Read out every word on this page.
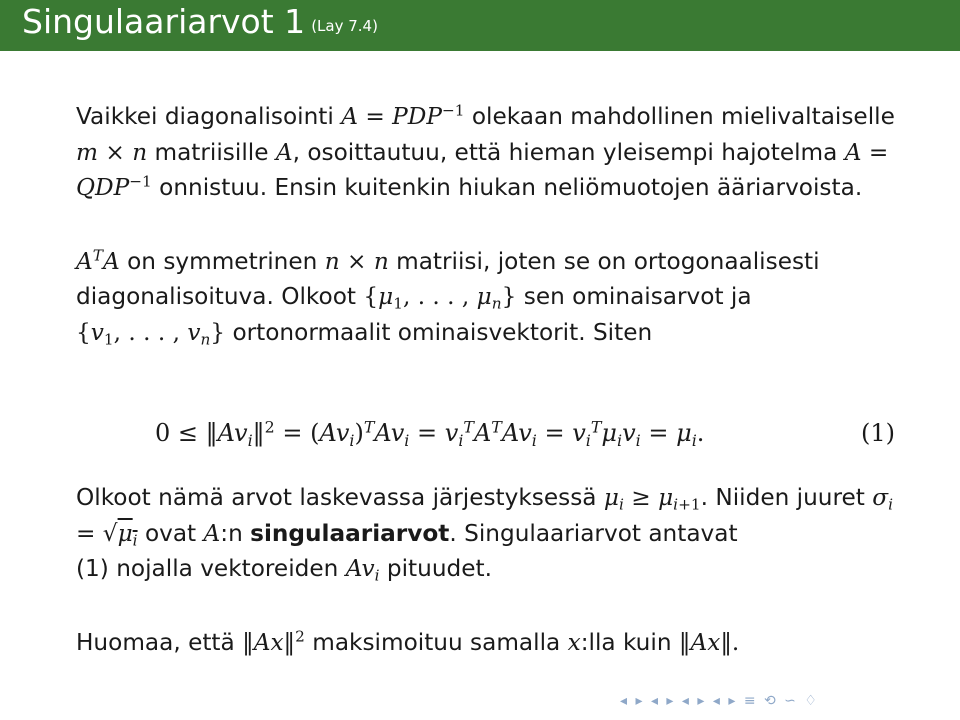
Singulaariarvot 1 (Lay 7.4)

Vaikkei diagonalisointi $A = PDP^{-1}$ olekaan mahdollinen mielivaltaiselle m × n matriisille A, osoittautuu, että hieman yleisempi hajotelma $A = QDP^{-1}$ onnistuu. Ensin kuitenkin hiukan neliömuotojen ääriarvoista.

$A^TA$ on symmetrinen n × n matriisi, joten se on ortogonaalisesti diagonalisoituva. Olkoot {$\mu_1$, . . . , $\mu_n$} sen ominaisarvot ja
{$v_1$, . . . , $v_n$} ortonormaalit ominaisvektorit. Siten

$0 \le ‖Av_i‖^2 = (Av_i)^TAv_i = v_i^TA^TAv_i = v_i^T\mu_iv_i = \mu_i$.	(1)

Olkoot nämä arvot laskevassa järjestyksessä $\mu_i \ge \mu_{i+1}$. Niiden juuret $\sigma_i = √\mu_i$ ovat A:n singulaariarvot. Singulaariarvot antavat
(1) nojalla vektoreiden $Av_i$ pituudet.

Huomaa, että ‖Ax‖$^2$ maksimoituu samalla x:lla kuin ‖Ax‖.

◂ ▸ ◂ ▸ ◂ ▸ ◂ ▸ ≡ ⟲ ∽ ♢
